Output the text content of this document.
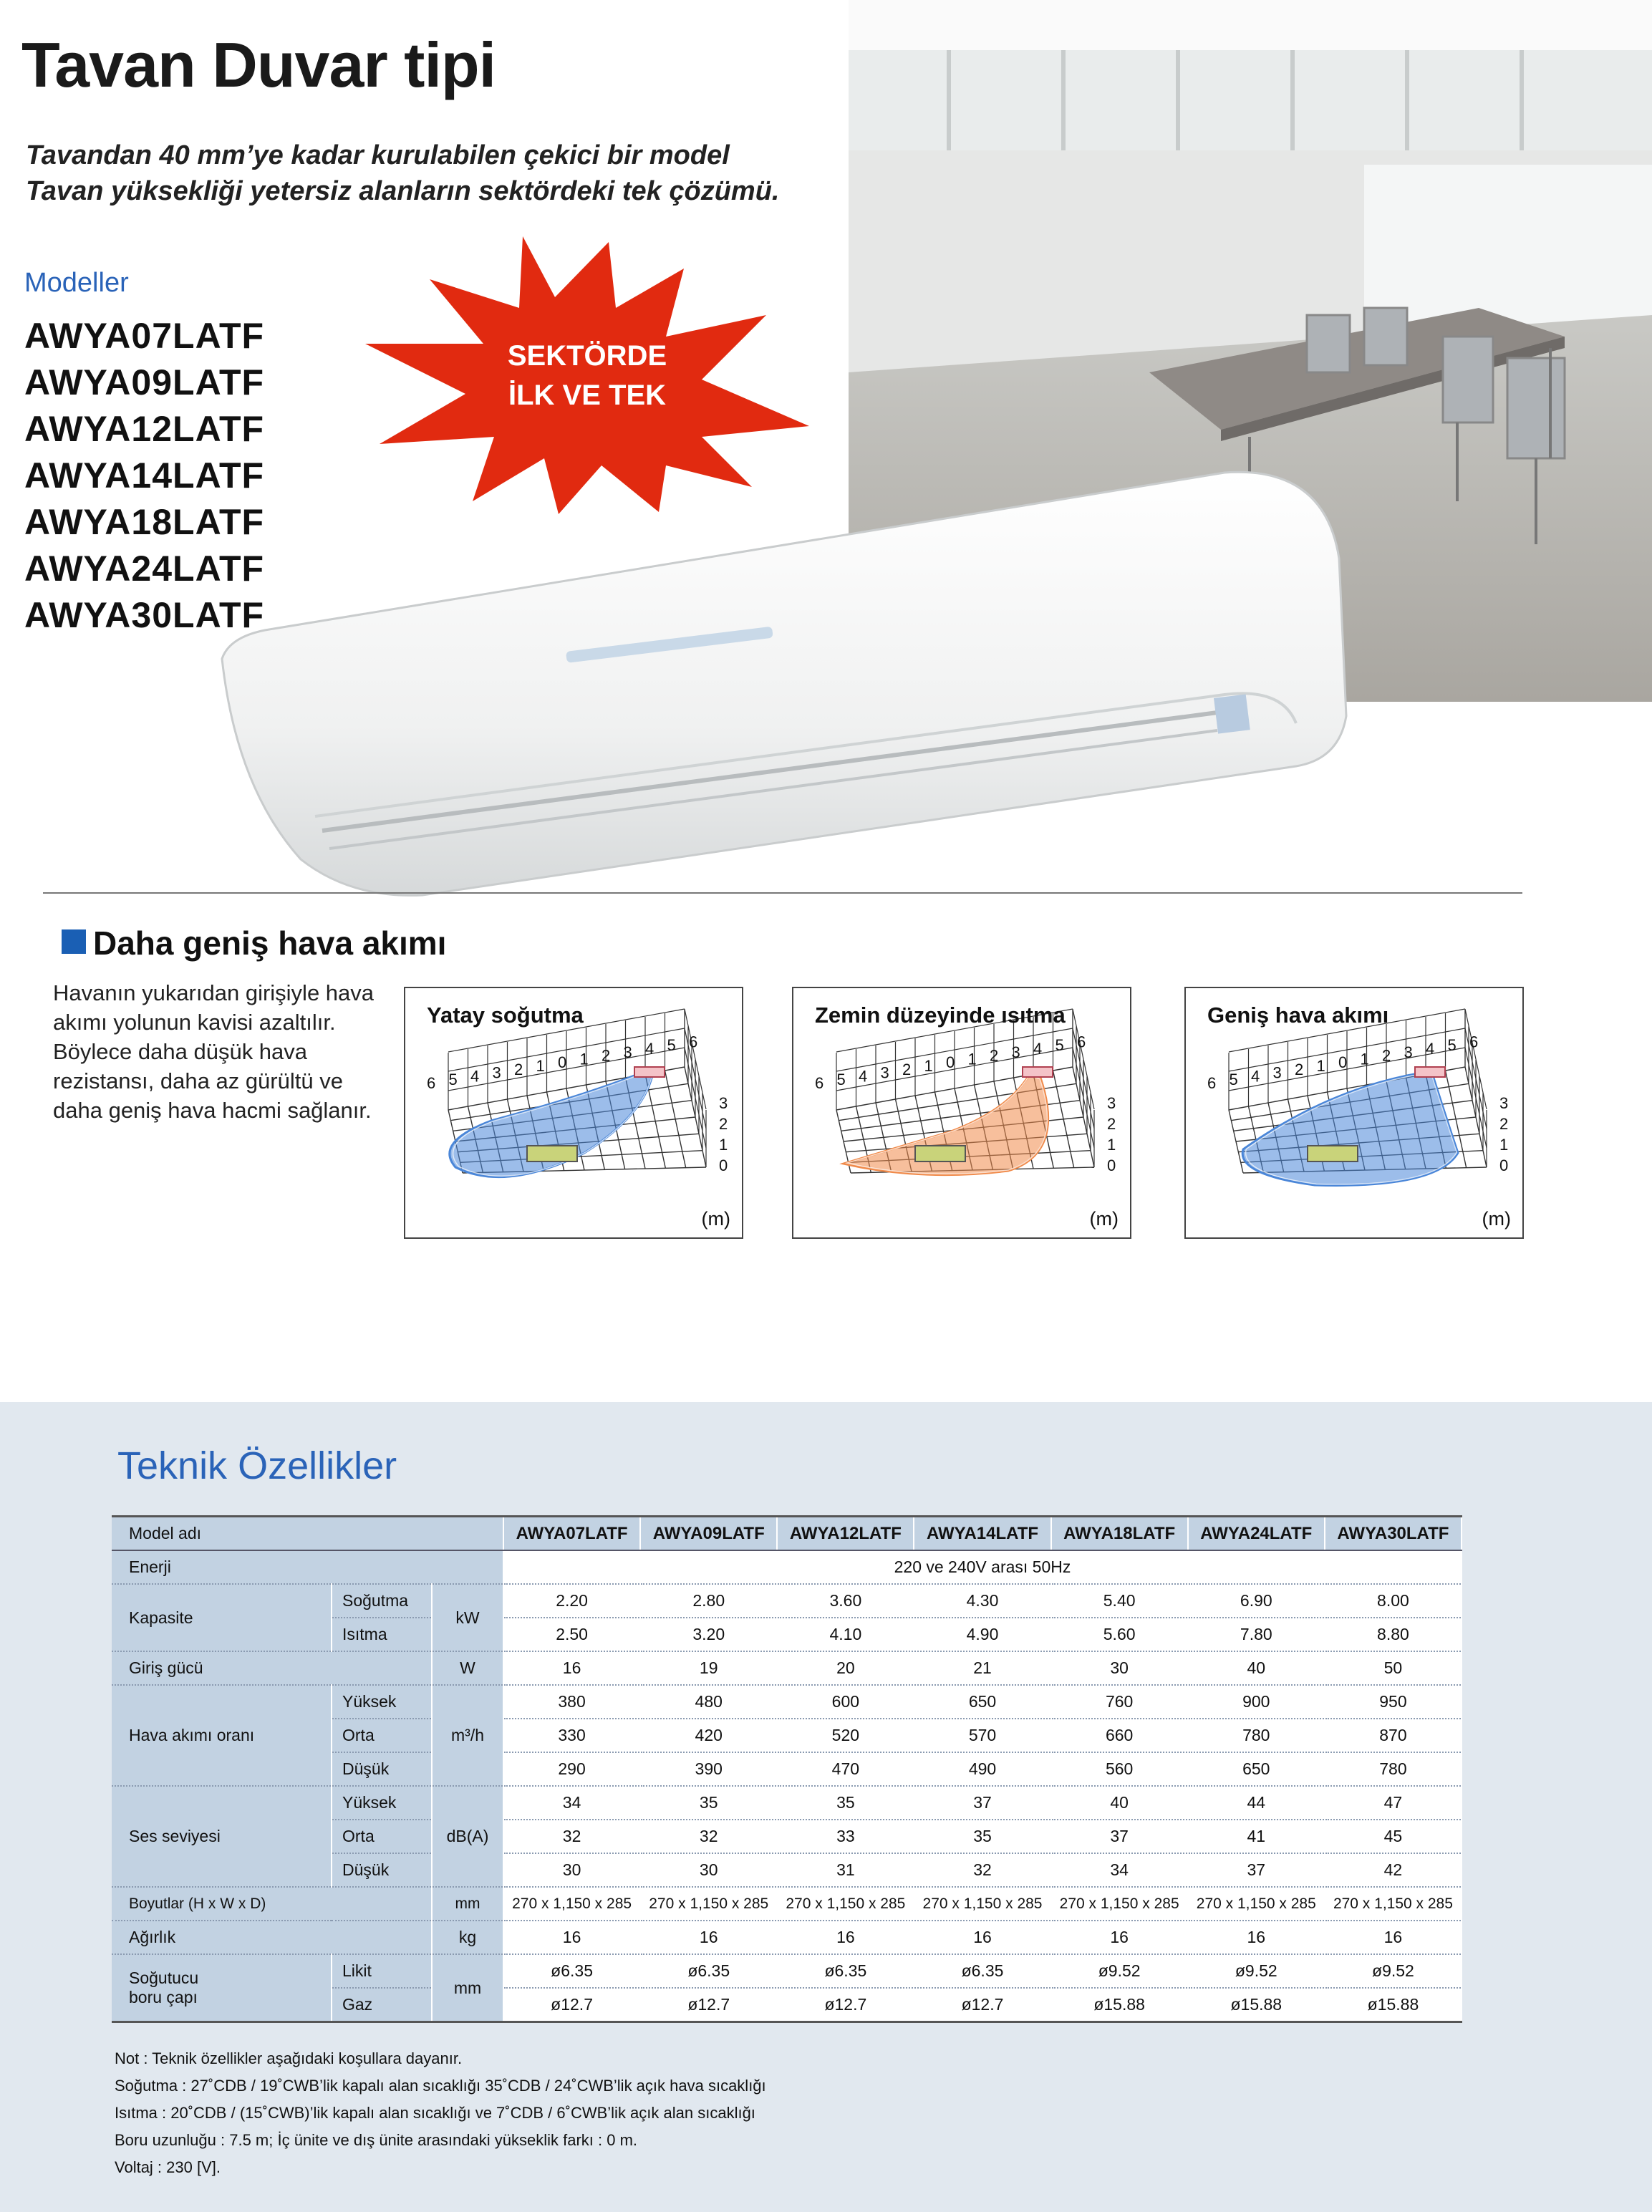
Tavan Duvar tipi
Tavandan 40 mm’ye kadar kurulabilen çekici bir model
Tavan yüksekliği yetersiz alanların sektördeki tek çözümü.
Modeller
AWYA07LATF
AWYA09LATF
AWYA12LATF
AWYA14LATF
AWYA18LATF
AWYA24LATF
AWYA30LATF
SEKTÖRDE
İLK VE TEK
Daha geniş hava akımı
Havanın yukarıdan girişiyle hava akımı yolunun kavisi azaltılır. Böylece daha düşük hava rezistansı, daha az gürültü ve daha geniş hava hacmi sağlanır.
6 5 4 3 2 1 0 1 2 3 4 5 6
3
2
1
0
Yatay soğutma
(m)
6 5 4 3 2 1 0 1 2 3 4 5 6
3
2
1
0
Zemin düzeyinde ısıtma
(m)
6 5 4 3 2 1 0 1 2 3 4 5 6
3
2
1
0
Geniş hava akımı
(m)
Teknik Özellikler
Model adı			AWYA07LATF	AWYA09LATF	AWYA12LATF	AWYA14LATF	AWYA18LATF	AWYA24LATF	AWYA30LATF
Enerji			220 ve 240V arası 50Hz						
Kapasite	Soğutma	kW	2.20	2.80	3.60	4.30	5.40	6.90	8.00
	Isıtma		2.50	3.20	4.10	4.90	5.60	7.80	8.80
Giriş gücü		W	16	19	20	21	30	40	50
Hava akımı oranı	Yüksek	m³/h	380	480	600	650	760	900	950
	Orta		330	420	520	570	660	780	870
	Düşük		290	390	470	490	560	650	780
Ses seviyesi	Yüksek	dB(A)	34	35	35	37	40	44	47
	Orta		32	32	33	35	37	41	45
	Düşük		30	30	31	32	34	37	42
Boyutlar (H x W x D)		mm	270 x 1,150 x 285	270 x 1,150 x 285	270 x 1,150 x 285	270 x 1,150 x 285	270 x 1,150 x 285	270 x 1,150 x 285	270 x 1,150 x 285
Ağırlık		kg	16	16	16	16	16	16	16
Soğutucu
boru çapı	Likit	mm	ø6.35	ø6.35	ø6.35	ø6.35	ø9.52	ø9.52	ø9.52
	Gaz		ø12.7	ø12.7	ø12.7	ø12.7	ø15.88	ø15.88	ø15.88
Not : Teknik özellikler aşağıdaki koşullara dayanır.
Soğutma : 27˚CDB / 19˚CWB’lik kapalı alan sıcaklığı 35˚CDB / 24˚CWB’lik açık hava sıcaklığı
Isıtma : 20˚CDB / (15˚CWB)’lik kapalı alan sıcaklığı ve 7˚CDB / 6˚CWB’lik açık alan sıcaklığı
Boru uzunluğu : 7.5 m; İç ünite ve dış ünite arasındaki yükseklik farkı : 0 m.
Voltaj : 230 [V].
